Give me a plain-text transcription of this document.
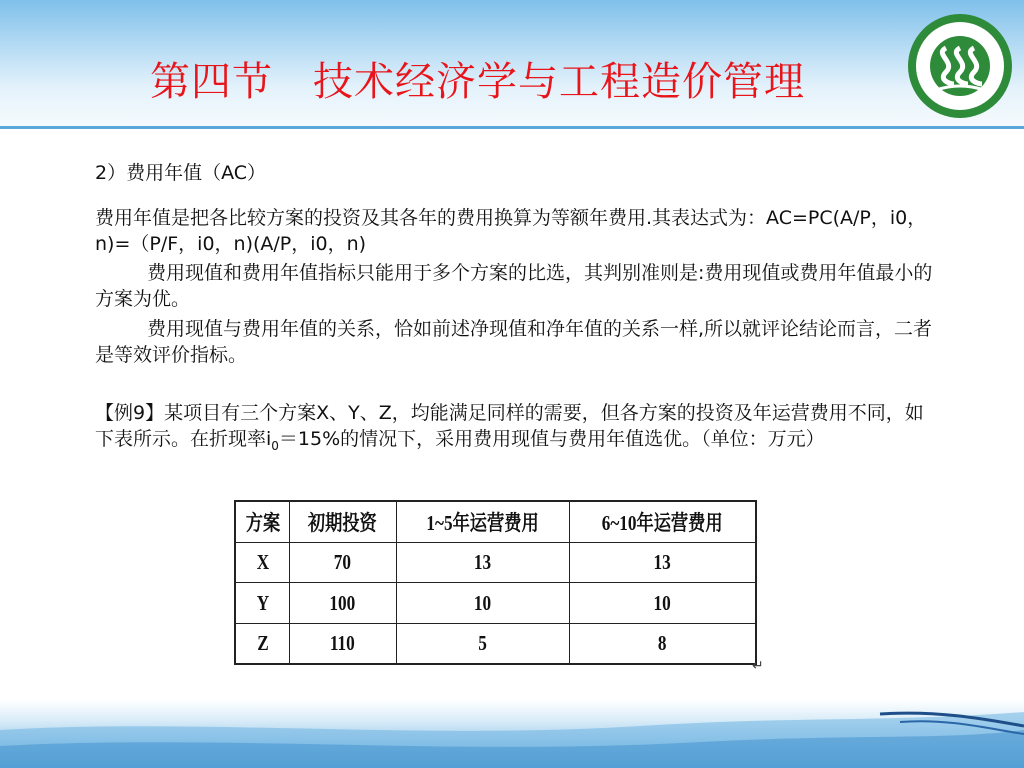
第四节 技术经济学与工程造价管理

2）费用年值（AC）

费用年值是把各比较方案的投资及其各年的费用换算为等额年费用.其表达式为：AC=PC(A/P，i0，n)=（P/F，i0，n)(A/P，i0，n)

费用现值和费用年值指标只能用于多个方案的比选，其判别准则是:费用现值或费用年值最小的方案为优。

费用现值与费用年值的关系，恰如前述净现值和净年值的关系一样,所以就评论结论而言，二者是等效评价指标。

【例9】某项目有三个方案X、Y、Z，均能满足同样的需要，但各方案的投资及年运营费用不同，如下表所示。在折现率$i_0=15\%$的情况下，采用费用现值与费用年值选优。（单位：万元）

方案	初期投资	1~5年运营费用	6~10年运营费用
X	70	13	13
Y	100	10	10
Z	110	5	8
↵
